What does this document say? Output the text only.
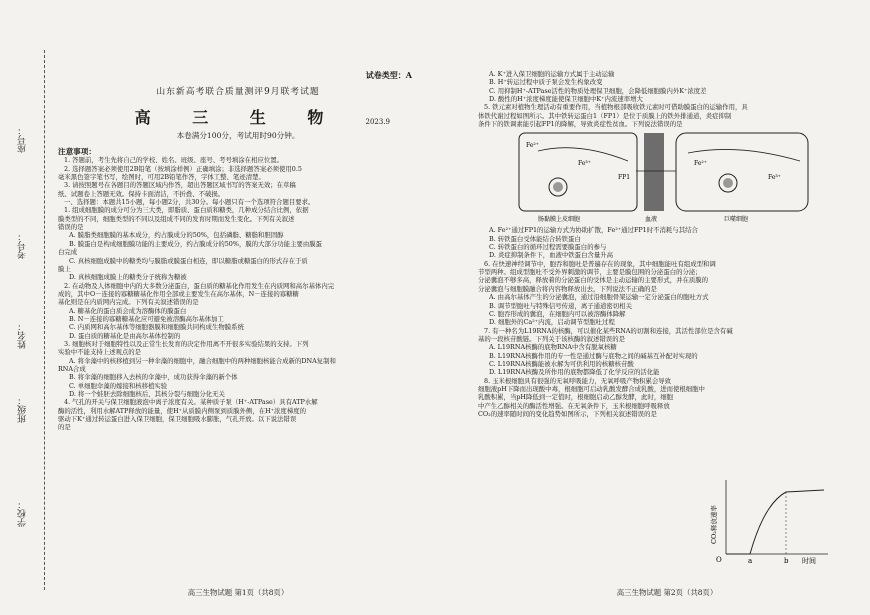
学校：
班级：
姓名：
考号：
座号：
试卷类型：A
山东新高考联合质量测评9月联考试题
高 三 生 物	2023.9
本卷满分100分，考试用时90分钟。
注意事项：
1. 答题前，考生先将自己的学校、姓名、班级、座号、考号填涂在相应位置。
2. 选择题答案必须使用2B铅笔（按填涂样例）正确填涂；非选择题答案必须使用0.5
毫米黑色签字笔书写，绘图时，可用2B铅笔作答，字体工整、笔迹清楚。
3. 请按照题号在各题目的答题区域内作答，超出答题区域书写的答案无效；在草稿
纸、试题卷上答题无效。保持卡面清洁，不折叠、不破损。
一、选择题：本题共15小题，每小题2分，共30分。每小题只有一个选项符合题目要求。
1. 组成细胞膜的成分可分为三大类，即脂质、蛋白质和糖类，几种成分结合比例，依据
膜类型的不同，细胞类型的不同以及组成不同的发育时期而发生变化。下列有关叙述
错误的是
A. 膜脂类细胞膜的基本成分，约占膜成分的50%，包括磷脂、糖脂和胆固醇
B. 膜蛋白是构成细胞膜功能的主要成分，约占膜成分的50%，膜的大部分功能主要由膜蛋
白完成
C. 真核细胞成膜中的糖类均与膜脂或膜蛋白相连，即以糖脂或糖蛋白的形式存在于质
膜上
D. 真核细胞成膜上的糖类分子统称为糖被
2. 在动物及人体细胞中内的大多数分泌蛋白，蛋白质的糖基化作用发生在内质网和高尔基体内完
成的，其中O－连接的寡糖糖基化作用全部或主要发生在高尔基体，N－连接的寡糖糖
基化则是在内质网内完成。下列有关叙述错误的是
A. 糖基化的蛋白质会成为溶酶体的膜蛋白
B. N－连接的寡糖糖基化应可避免被溶酶高尔基体加工
C. 内质网和高尔基体等细胞器膜和细胞膜共同构成生物膜系统
D. 蛋白质的糖基化是由高尔基体控制的
3. 细胞核对于细胞特性以及正常生长发育的决定作用离不开很多实验结果的支持。下列
实验中不能支持上述观点的是
A. 将伞藻中的核移植到另一种伞藻的细胞中，融合细胞中的两种细胞核能合成新的DNA复制和
RNA合成
B. 将伞藻的细胞移入去核的伞藻中，成功获得伞藻的新个体
C. 单细胞伞藻的嫁接和核移植实验
D. 将一个蛙胚去除细胞核后，其核分裂与细胞分化无关
4. 气孔的开关与保卫细胞液泡中离子浓度有关。某种质子泵（H⁺-ATPase）具有ATP水解
酶的活性，利用水解ATP释放的能量，使H⁺从质膜内侧泵到质膜外侧，在H⁺浓度梯度的
驱动下K⁺通过转运蛋白进入保卫细胞，保卫细胞吸水膨胀，气孔开放。以下说法错误
的是
高三生物试题 第1页（共8页）
A. K⁺进入保卫细胞的运输方式属于主动运输
B. H⁺转运过程中质子泵会发生构象改变
C. 用抑制H⁺-ATPase活性的物质处理保卫细胞，会降低细胞膜内外K⁺浓度差
D. 酸性的H⁺浓度梯度能使保卫细胞中K⁺内流速率增大
5. 铁元素对植物生理活动有重要作用，当植物根部吸收铁元素时可借助膜蛋白的运输作用，具
体铁代谢过程如图所示。其中铁转运蛋白1（FP1）是位于质膜上的铁外排通道，炎症抑制
条件下的铁调素能引起FP1的降解，导致炎症性贫血。下列说法错误的是
Fe²⁺
Fe³⁺	Fe²⁺
Fe³⁺
FP1
肠黏膜上皮细胞	血液	巨噬细胞
A. Fe²⁺通过FP1的运输方式为协助扩散，Fe²⁺通过FP1时不消耗与其结合
B. 转铁蛋白受体能结合转铁蛋白
C. 转铁蛋白的循环过程需要膜蛋白的参与
D. 炎症抑制条件下，血液中铁蛋白含量升高
6. 在快速神经调节中，胞吞和胞吐是普遍存在的现象，其中细胞能吐有组成型和调
节型两种。组成型胞吐不受外界刺激的调节，主要是膜包围的分泌蛋白的分泌；
分泌囊泡不够多高，释放着的分泌蛋白的受体是主动运输的主要形式，并在质膜的
分泌囊泡与细胞膜融合将内容物释放出去，下列说法不正确的是
A. 由高尔基体产生的分泌囊泡，通过沿细胞骨架运输一定分泌蛋白的胞吐方式
B. 调节型胞吐与特殊信号传递，离子通道密切相关
C. 胞吞形成的囊泡，在细胞内可以被溶酶体降解
D. 细胞外的Ca²⁺内流，启动调节型胞吐过程
7. 有一种名为L19RNA的核酶，可以催化某些RNA的切割和连接，其活性部位是含有碱
基的一段核苷酸链。下列关于该核酶的叙述错误的是
A. L19RNA核酶的底物RNA中含有脱氧核糖
B. L19RNA核酶作用的专一性是通过酶与底物之间的碱基互补配对实现的
C. L19RNA核酶能被水解为可供利用的核糖核苷酸
D. L19RNA核酶及所作用的底物都降低了化学反应的活化能
8. 玉米根细胞具有很强的无氧呼吸能力，无氧呼吸产物积累会导致
细胞液pH下降而出现酸中毒，根细胞可启动乳酸发酵合成乳酸，进而使根细胞中
乳酸积累，当pH降低到一定值时，根细胞启动乙醇发酵，此时，细胞
中产生乙醇相关的酶活性增强。在无氧条件下，玉米根细胞呼吸释放
CO₂的速率随时间的变化趋势如图所示，下列相关叙述错误的是
高三生物试题 第2页（共8页）
O	a	b 时间
CO₂释放速率
